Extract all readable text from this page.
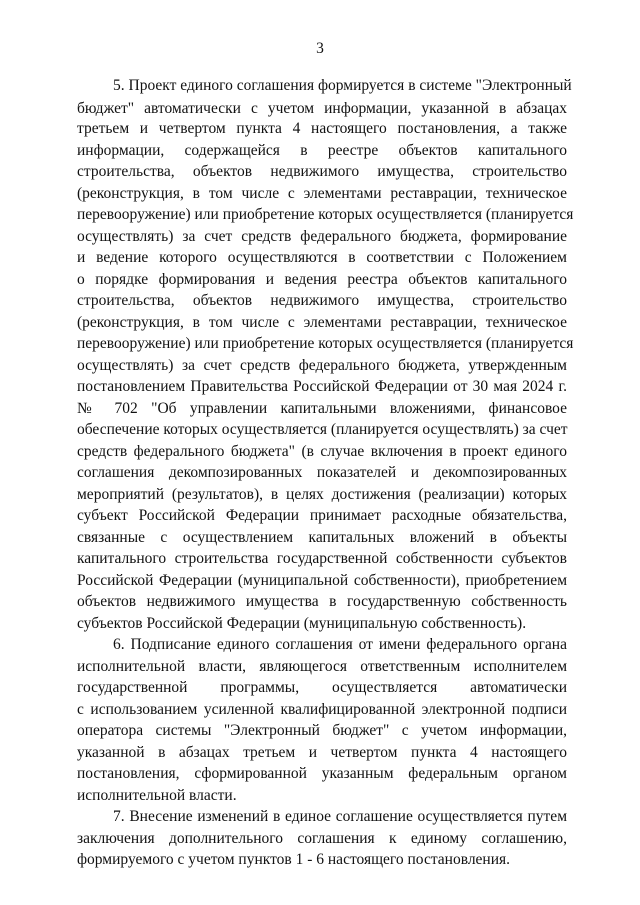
3
5. Проект единого соглашения формируется в системе "Электронный
бюджет" автоматически с учетом информации, указанной в абзацах
третьем и четвертом пункта 4 настоящего постановления, а также
информации, содержащейся в реестре объектов капитального
строительства, объектов недвижимого имущества, строительство
(реконструкция, в том числе с элементами реставрации, техническое
перевооружение) или приобретение которых осуществляется (планируется
осуществлять) за счет средств федерального бюджета, формирование
и ведение которого осуществляются в соответствии с Положением
о порядке формирования и ведения реестра объектов капитального
строительства, объектов недвижимого имущества, строительство
(реконструкция, в том числе с элементами реставрации, техническое
перевооружение) или приобретение которых осуществляется (планируется
осуществлять) за счет средств федерального бюджета, утвержденным
постановлением Правительства Российской Федерации от 30 мая 2024 г.
№ 702 "Об управлении капитальными вложениями, финансовое
обеспечение которых осуществляется (планируется осуществлять) за счет
средств федерального бюджета" (в случае включения в проект единого
соглашения декомпозированных показателей и декомпозированных
мероприятий (результатов), в целях достижения (реализации) которых
субъект Российской Федерации принимает расходные обязательства,
связанные с осуществлением капитальных вложений в объекты
капитального строительства государственной собственности субъектов
Российской Федерации (муниципальной собственности), приобретением
объектов недвижимого имущества в государственную собственность
субъектов Российской Федерации (муниципальную собственность).
6. Подписание единого соглашения от имени федерального органа
исполнительной власти, являющегося ответственным исполнителем
государственной программы, осуществляется автоматически
с использованием усиленной квалифицированной электронной подписи
оператора системы "Электронный бюджет" с учетом информации,
указанной в абзацах третьем и четвертом пункта 4 настоящего
постановления, сформированной указанным федеральным органом
исполнительной власти.
7. Внесение изменений в единое соглашение осуществляется путем
заключения дополнительного соглашения к единому соглашению,
формируемого с учетом пунктов 1 - 6 настоящего постановления.
